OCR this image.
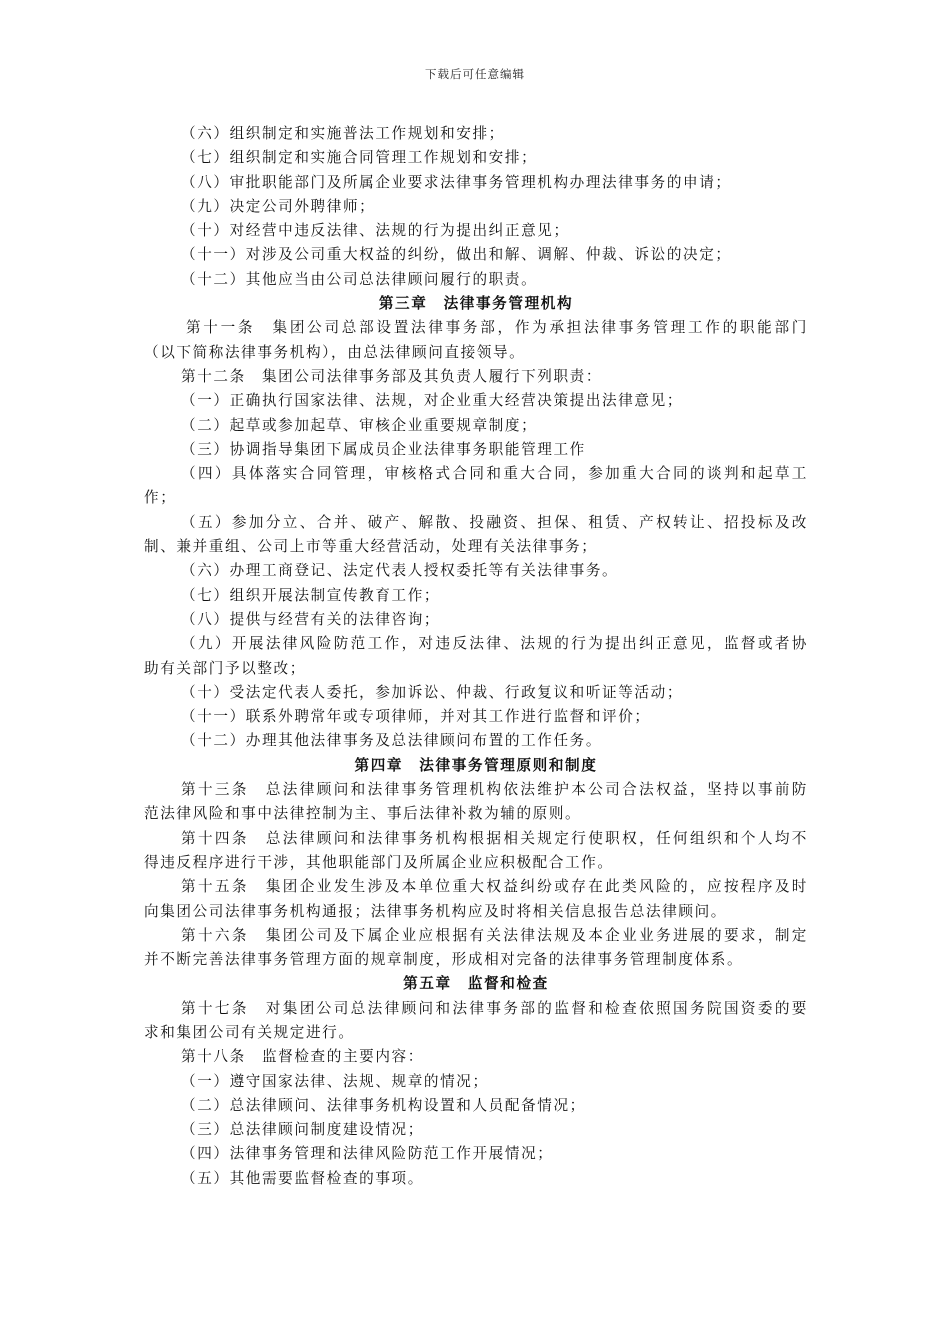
下载后可任意编辑
（六）组织制定和实施普法工作规划和安排；
（七）组织制定和实施合同管理工作规划和安排；
（八）审批职能部门及所属企业要求法律事务管理机构办理法律事务的申请；
（九）决定公司外聘律师；
（十）对经营中违反法律、法规的行为提出纠正意见；
（十一）对涉及公司重大权益的纠纷，做出和解、调解、仲裁、诉讼的决定；
（十二）其他应当由公司总法律顾问履行的职责。
第三章　法律事务管理机构
第十一条　集团公司总部设置法律事务部，作为承担法律事务管理工作的职能部门
（以下简称法律事务机构），由总法律顾问直接领导。
第十二条　集团公司法律事务部及其负责人履行下列职责：
（一）正确执行国家法律、法规，对企业重大经营决策提出法律意见；
（二）起草或参加起草、审核企业重要规章制度；
（三）协调指导集团下属成员企业法律事务职能管理工作
（四）具体落实合同管理，审核格式合同和重大合同，参加重大合同的谈判和起草工
作；
（五）参加分立、合并、破产、解散、投融资、担保、租赁、产权转让、招投标及改
制、兼并重组、公司上市等重大经营活动，处理有关法律事务；
（六）办理工商登记、法定代表人授权委托等有关法律事务。
（七）组织开展法制宣传教育工作；
（八）提供与经营有关的法律咨询；
（九）开展法律风险防范工作，对违反法律、法规的行为提出纠正意见，监督或者协
助有关部门予以整改；
（十）受法定代表人委托，参加诉讼、仲裁、行政复议和听证等活动；
（十一）联系外聘常年或专项律师，并对其工作进行监督和评价；
（十二）办理其他法律事务及总法律顾问布置的工作任务。
第四章　法律事务管理原则和制度
第十三条　总法律顾问和法律事务管理机构依法维护本公司合法权益，坚持以事前防
范法律风险和事中法律控制为主、事后法律补救为辅的原则。
第十四条　总法律顾问和法律事务机构根据相关规定行使职权，任何组织和个人均不
得违反程序进行干涉，其他职能部门及所属企业应积极配合工作。
第十五条　集团企业发生涉及本单位重大权益纠纷或存在此类风险的，应按程序及时
向集团公司法律事务机构通报；法律事务机构应及时将相关信息报告总法律顾问。
第十六条　集团公司及下属企业应根据有关法律法规及本企业业务进展的要求，制定
并不断完善法律事务管理方面的规章制度，形成相对完备的法律事务管理制度体系。
第五章　监督和检查
第十七条　对集团公司总法律顾问和法律事务部的监督和检查依照国务院国资委的要
求和集团公司有关规定进行。
第十八条　监督检查的主要内容：
（一）遵守国家法律、法规、规章的情况；
（二）总法律顾问、法律事务机构设置和人员配备情况；
（三）总法律顾问制度建设情况；
（四）法律事务管理和法律风险防范工作开展情况；
（五）其他需要监督检查的事项。
